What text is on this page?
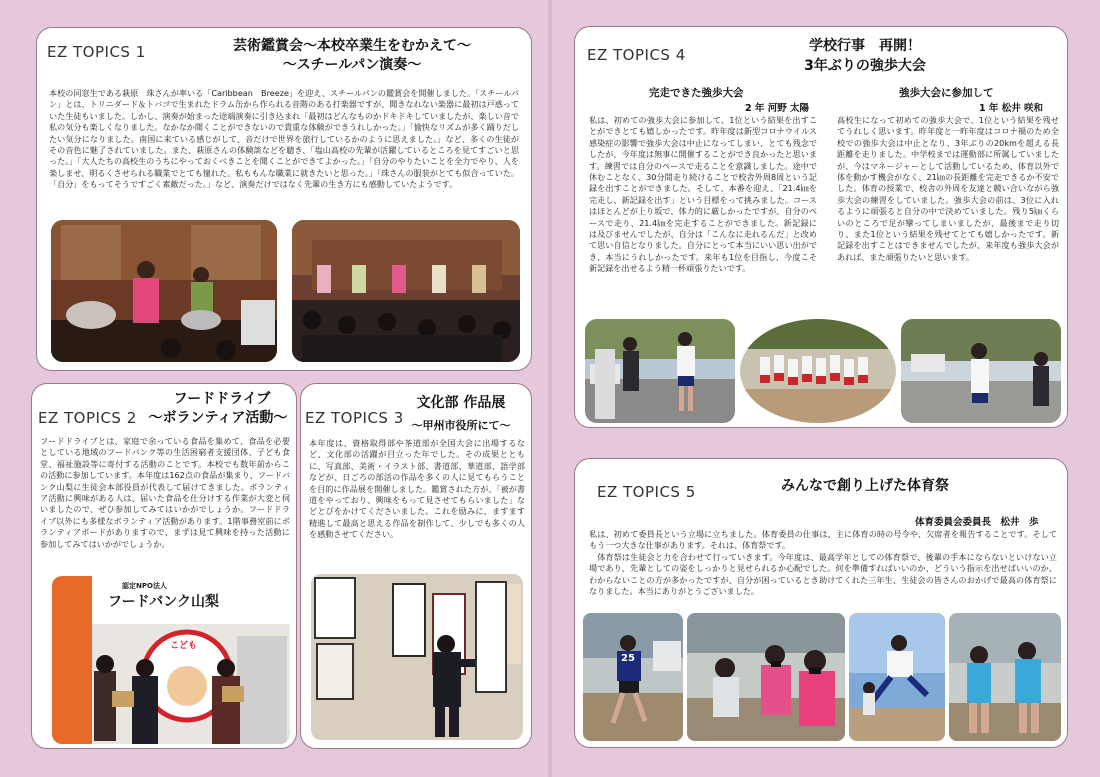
EZ TOPICS 1	芸術鑑賞会～本校卒業生をむかえて～
～スチールパン演奏～
本校の同窓生である萩原　珠さんが率いる「Caribbean　Breeze」を迎え、スチールパンの鑑賞会を開催しました。「スチールパン」とは、トリニダード＆トバゴで生まれたドラム缶から作られる音階のある打楽器ですが、聞きなれない楽器に最初は戸惑っていた生徒もいました。しかし、演奏が始まった途端演奏に引き込まれ「最初はどんなものかドキドキしていましたが、楽しい音で私の気分も楽しくなりました。なかなか聞くことができないので貴重な体験ができうれしかった。」「愉快なリズムが多く踊りだしたい気分になりました。南国に来ている感じがして、音だけで世界を旅行しているかのように思えました。」など、多くの生徒がその音色に魅了されていました。また、萩原さんの体験談などを聴き、「塩山高校の先輩が活躍しているところを見てすごいと思った。」「大人たちの高校生のうちにやっておくべきことを聞くことができてよかった。」「自分のやりたいことを全力でやり、人を楽しませ、明るくさせられる職業でとても憧れた。私ももんな職業に就きたいと思った。」「珠さんの服装がとても似合っていた。「自分」をもってそうですごく素敵だった。」など、演奏だけではなく先輩の生き方にも感動していたようです。
フードドライブ
EZ TOPICS 2 ～ボランティア活動～
フードドライブとは、家庭で余っている食品を集めて、食品を必要としている地域のフードバンク等の生活困窮者支援団体、子ども食堂、福祉施設等に寄付する活動のことです。本校でも数年前からこの活動に参加しています。本年度は162点の食品が集まり、フードバンク山梨に生徒会本部役員が代表して届けてきました。ボランティア活動に興味がある人は、届いた食品を仕分けする作業が大変と伺いましたので、ぜひ参加してみてはいかがでしょうか。フードドライブ以外にも多様なボランティア活動があります。1階事務室前にボランティアボードがありますので、まずは見て興味を持った活動に参加してみてはいかがでしょうか。
認定NPO法人
フードバンク山梨
こども
EZ TOPICS 3
文化部 作品展
～甲州市役所にて～
本年度は、資格取得部や茶道部が全国大会に出場するなど、文化部の活躍が目立った年でした。その成果とともに、写真部、美術・イラスト部、書道部、華道部、語学部などが、日ごろの部活の作品を多くの人に見てもらうことを目的に作品展を開催しました。鑑賞された方が、「被が書道をやっており、興味をもって見させてもらいました」などとびをかけてくださいました。これを励みに、ますます精進して最高と思える作品を制作して、少しでも多くの人を感動させてください。
EZ TOPICS 4	学校行事　再開！
3年ぶりの強歩大会
完走できた強歩大会
2 年 河野 太陽
私は、初めての強歩大会に参加して、1位という結果を出すことができとても嬉しかったです。昨年度は新型コロナウイルス感染症の影響で強歩大会は中止になってしまい、とても残念でしたが、今年度は無事に開催することができ良かったと思います。練習では自分のペースで走ることを意識しました。途中で休むことなく、30分間走り続けることで校舎外周8周という記録を出すことができました。そして、本番を迎え、「21.4㎞を完走し、新記録を出す」という目標をって挑みました。コースはほとんどが上り坂で、体力的に厳しかったですが、自分のペースで走り、21.4㎞を完走することができました。新記録には及びませんでしたが、自分は「こんなに走れるんだ」と改めて思い自信となりました。自分にとって本当にいい思い出ができ、本当にうれしかったです。来年も1位を目指し、今度こそ新記録を出せるよう精一杯頑張りたいです。
強歩大会に参加して
1 年 松井 咲和
高校生になって初めての強歩大会で、1位という結果を残せてうれしく思います。昨年度と一昨年度はコロナ禍のため全校での強歩大会は中止となり、3年ぶりの20kmを超える長距離を走りました。中学校までは運動部に所属していましたが、今はマネージャーとして活動しているため、体育以外で体を動かす機会がなく、21㎞の長距離を完走できるか不安でした。体育の授業で、校舎の外周を友達と競い合いながら強歩大会の練習をしていました。強歩大会の前は、3位に入れるように頑張ると自分の中で決めていました。残り5㎞くらいのところで足が攣ってしまいましたが、最後まで走り切り、また1位という結果を残せてとても嬉しかったです。新記録を出すことはできませんでしたが、来年度も強歩大会があれば、また頑張りたいと思います。
EZ TOPICS 5	みんなで創り上げた体育祭
体育委員会委員長　松井　歩
私は、初めて委員長という立場に立ちました。体育委員の仕事は、主に体育の時の号令や、欠席者を報告することです。そしてもう一つ大きな仕事があります。それは、体育祭です。
　体育祭は生徒会と力を合わせて行っていきます。今年度は、最高学年としての体育祭で、後輩の手本にならないといけない立場であり、先輩としての姿をしっかりと見せられるか心配でした。何を準備すればいいのか、どういう指示を出せばいいのか、わからないことの方が多かったですが、自分が困っているとき助けてくれた三年生、生徒会の皆さんのおかげで最高の体育祭になりました。本当にありがとうございました。
25
